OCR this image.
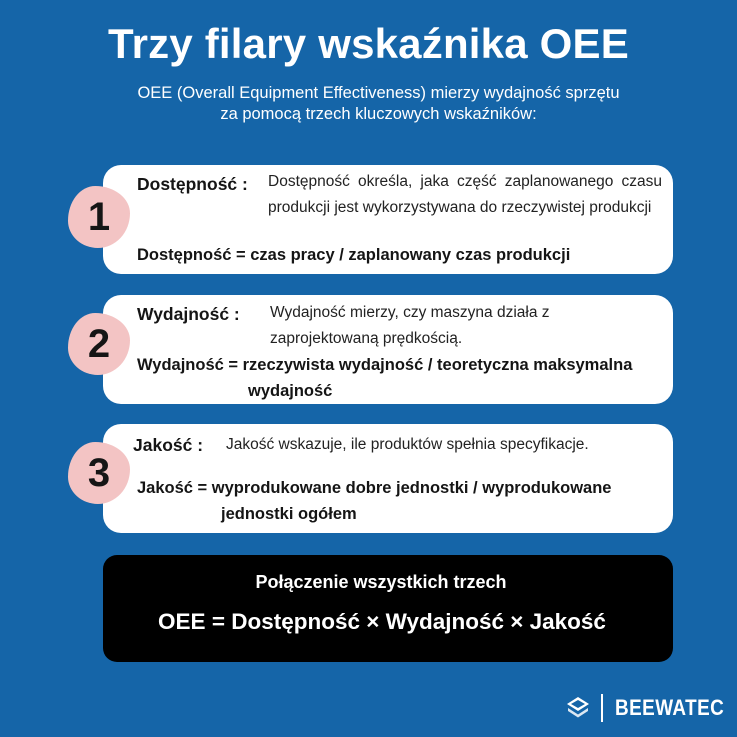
Trzy filary wskaźnika OEE
OEE (Overall Equipment Effectiveness) mierzy wydajność sprzętu
za pomocą trzech kluczowych wskaźników:
1
Dostępność : Dostępność określa, jaka część zaplanowanego czasu produkcji jest wykorzystywana do rzeczywistej produkcji
Dostępność = czas pracy / zaplanowany czas produkcji
2
Wydajność : Wydajność mierzy, czy maszyna działa z
zaprojektowaną prędkością.
Wydajność = rzeczywista wydajność / teoretyczna maksymalna
wydajność
3
Jakość : Jakość wskazuje, ile produktów spełnia specyfikacje.
Jakość = wyprodukowane dobre jednostki / wyprodukowane
jednostki ogółem
Połączenie wszystkich trzech
OEE = Dostępność × Wydajność × Jakość
BEEWATEC
